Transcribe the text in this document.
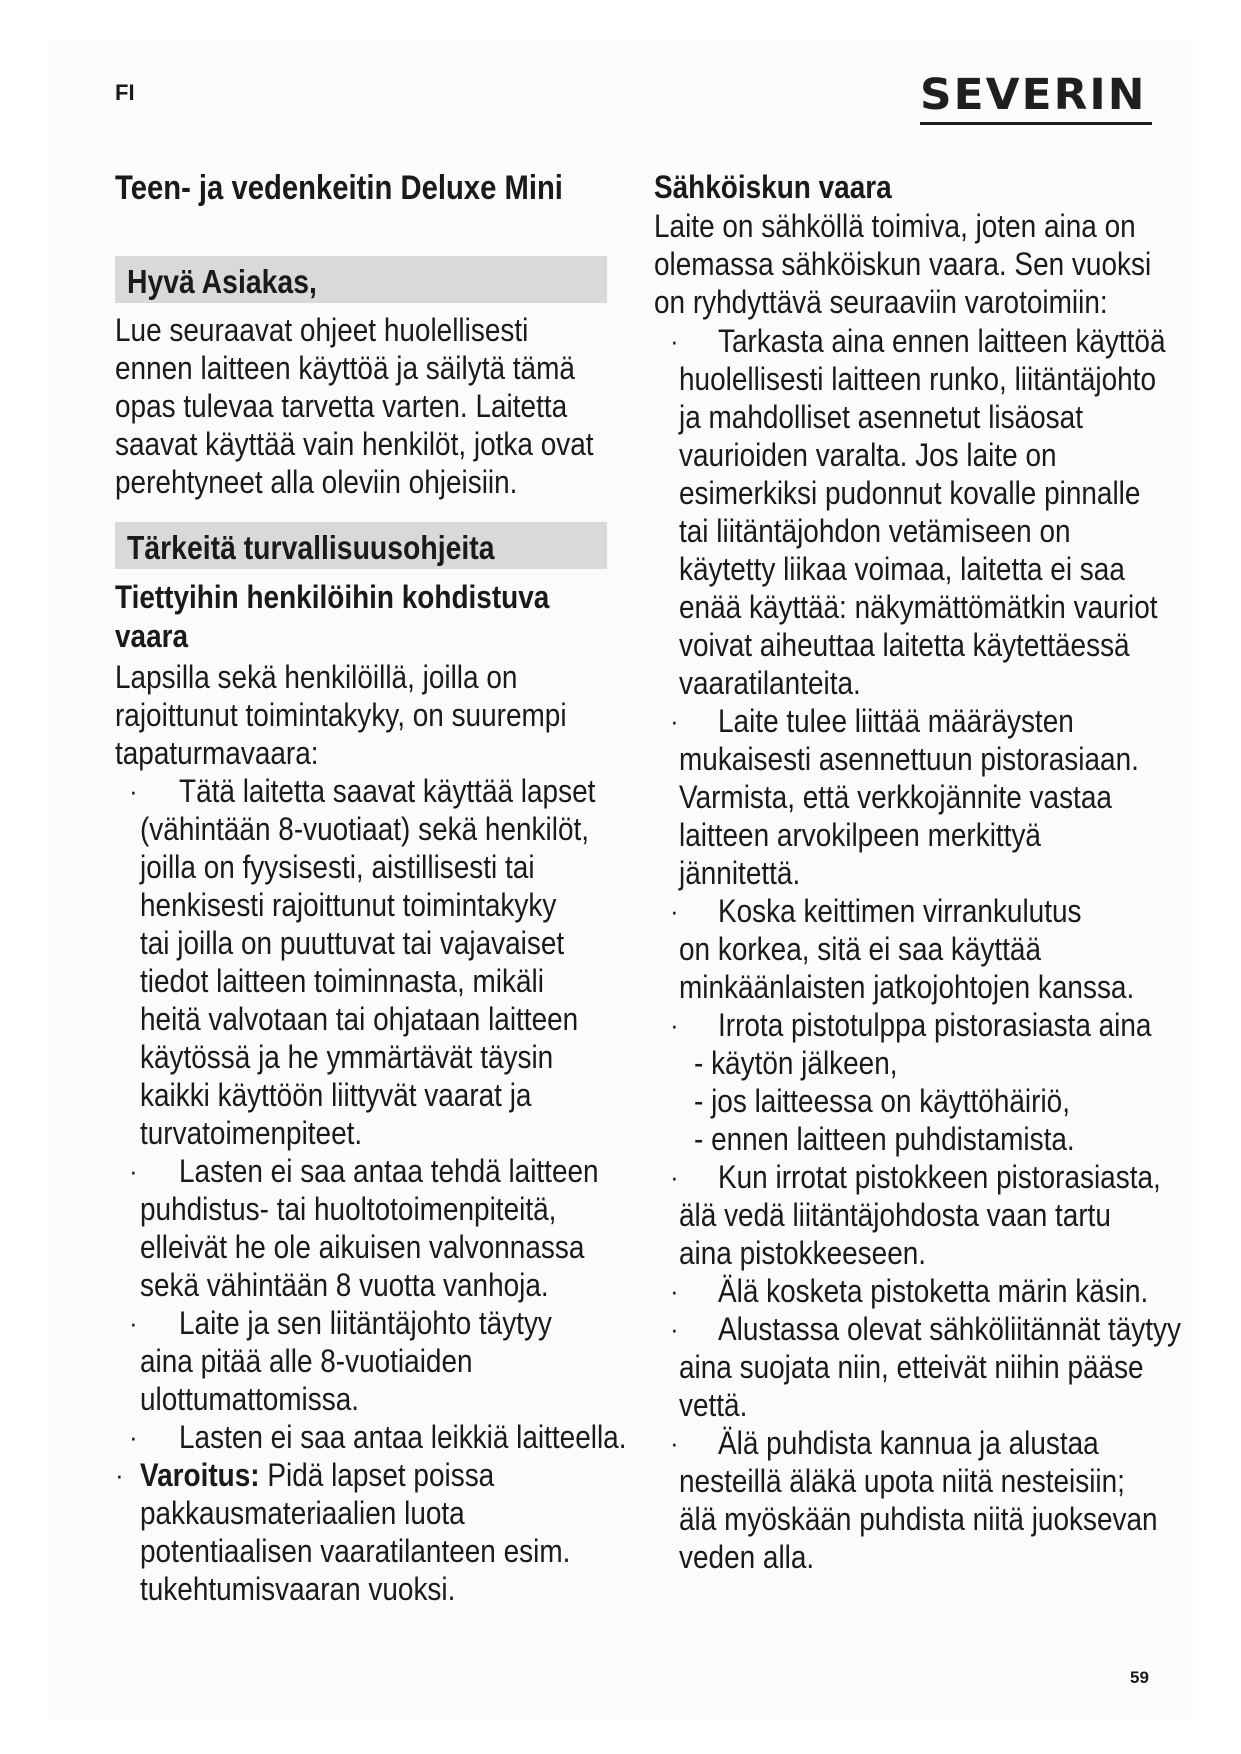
FI	SEVERIN
Teen- ja vedenkeitin Deluxe Mini
Hyvä Asiakas,
Lue seuraavat ohjeet huolellisesti
ennen laitteen käyttöä ja säilytä tämä
opas tulevaa tarvetta varten. Laitetta
saavat käyttää vain henkilöt, jotka ovat
perehtyneet alla oleviin ohjeisiin.
Tärkeitä turvallisuusohjeita
Tiettyihin henkilöihin kohdistuva
vaara
Lapsilla sekä henkilöillä, joilla on
rajoittunut toimintakyky, on suurempi
tapaturmavaara:
·	Tätä laitetta saavat käyttää lapset
(vähintään 8-vuotiaat) sekä henkilöt,
joilla on fyysisesti, aistillisesti tai
henkisesti rajoittunut toimintakyky
tai joilla on puuttuvat tai vajavaiset
tiedot laitteen toiminnasta, mikäli
heitä valvotaan tai ohjataan laitteen
käytössä ja he ymmärtävät täysin
kaikki käyttöön liittyvät vaarat ja
turvatoimenpiteet.
·	Lasten ei saa antaa tehdä laitteen
puhdistus- tai huoltotoimenpiteitä,
elleivät he ole aikuisen valvonnassa
sekä vähintään 8 vuotta vanhoja.
·	Laite ja sen liitäntäjohto täytyy
aina pitää alle 8-vuotiaiden
ulottumattomissa.
·	Lasten ei saa antaa leikkiä laitteella.
· Varoitus: Pidä lapset poissa
pakkausmateriaalien luota
potentiaalisen vaaratilanteen esim.
tukehtumisvaaran vuoksi.
Sähköiskun vaara
Laite on sähköllä toimiva, joten aina on
olemassa sähköiskun vaara. Sen vuoksi
on ryhdyttävä seuraaviin varotoimiin:
·	Tarkasta aina ennen laitteen käyttöä
huolellisesti laitteen runko, liitäntäjohto
ja mahdolliset asennetut lisäosat
vaurioiden varalta. Jos laite on
esimerkiksi pudonnut kovalle pinnalle
tai liitäntäjohdon vetämiseen on
käytetty liikaa voimaa, laitetta ei saa
enää käyttää: näkymättömätkin vauriot
voivat aiheuttaa laitetta käytettäessä
vaaratilanteita.
·	Laite tulee liittää määräysten
mukaisesti asennettuun pistorasiaan.
Varmista, että verkkojännite vastaa
laitteen arvokilpeen merkittyä
jännitettä.
·	Koska keittimen virrankulutus
on korkea, sitä ei saa käyttää
minkäänlaisten jatkojohtojen kanssa.
·	Irrota pistotulppa pistorasiasta aina
- käytön jälkeen,
- jos laitteessa on käyttöhäiriö,
- ennen laitteen puhdistamista.
·	Kun irrotat pistokkeen pistorasiasta,
älä vedä liitäntäjohdosta vaan tartu
aina pistokkeeseen.
·	Älä kosketa pistoketta märin käsin.
·	Alustassa olevat sähköliitännät täytyy
aina suojata niin, etteivät niihin pääse
vettä.
·	Älä puhdista kannua ja alustaa
nesteillä äläkä upota niitä nesteisiin;
älä myöskään puhdista niitä juoksevan
veden alla.
59
